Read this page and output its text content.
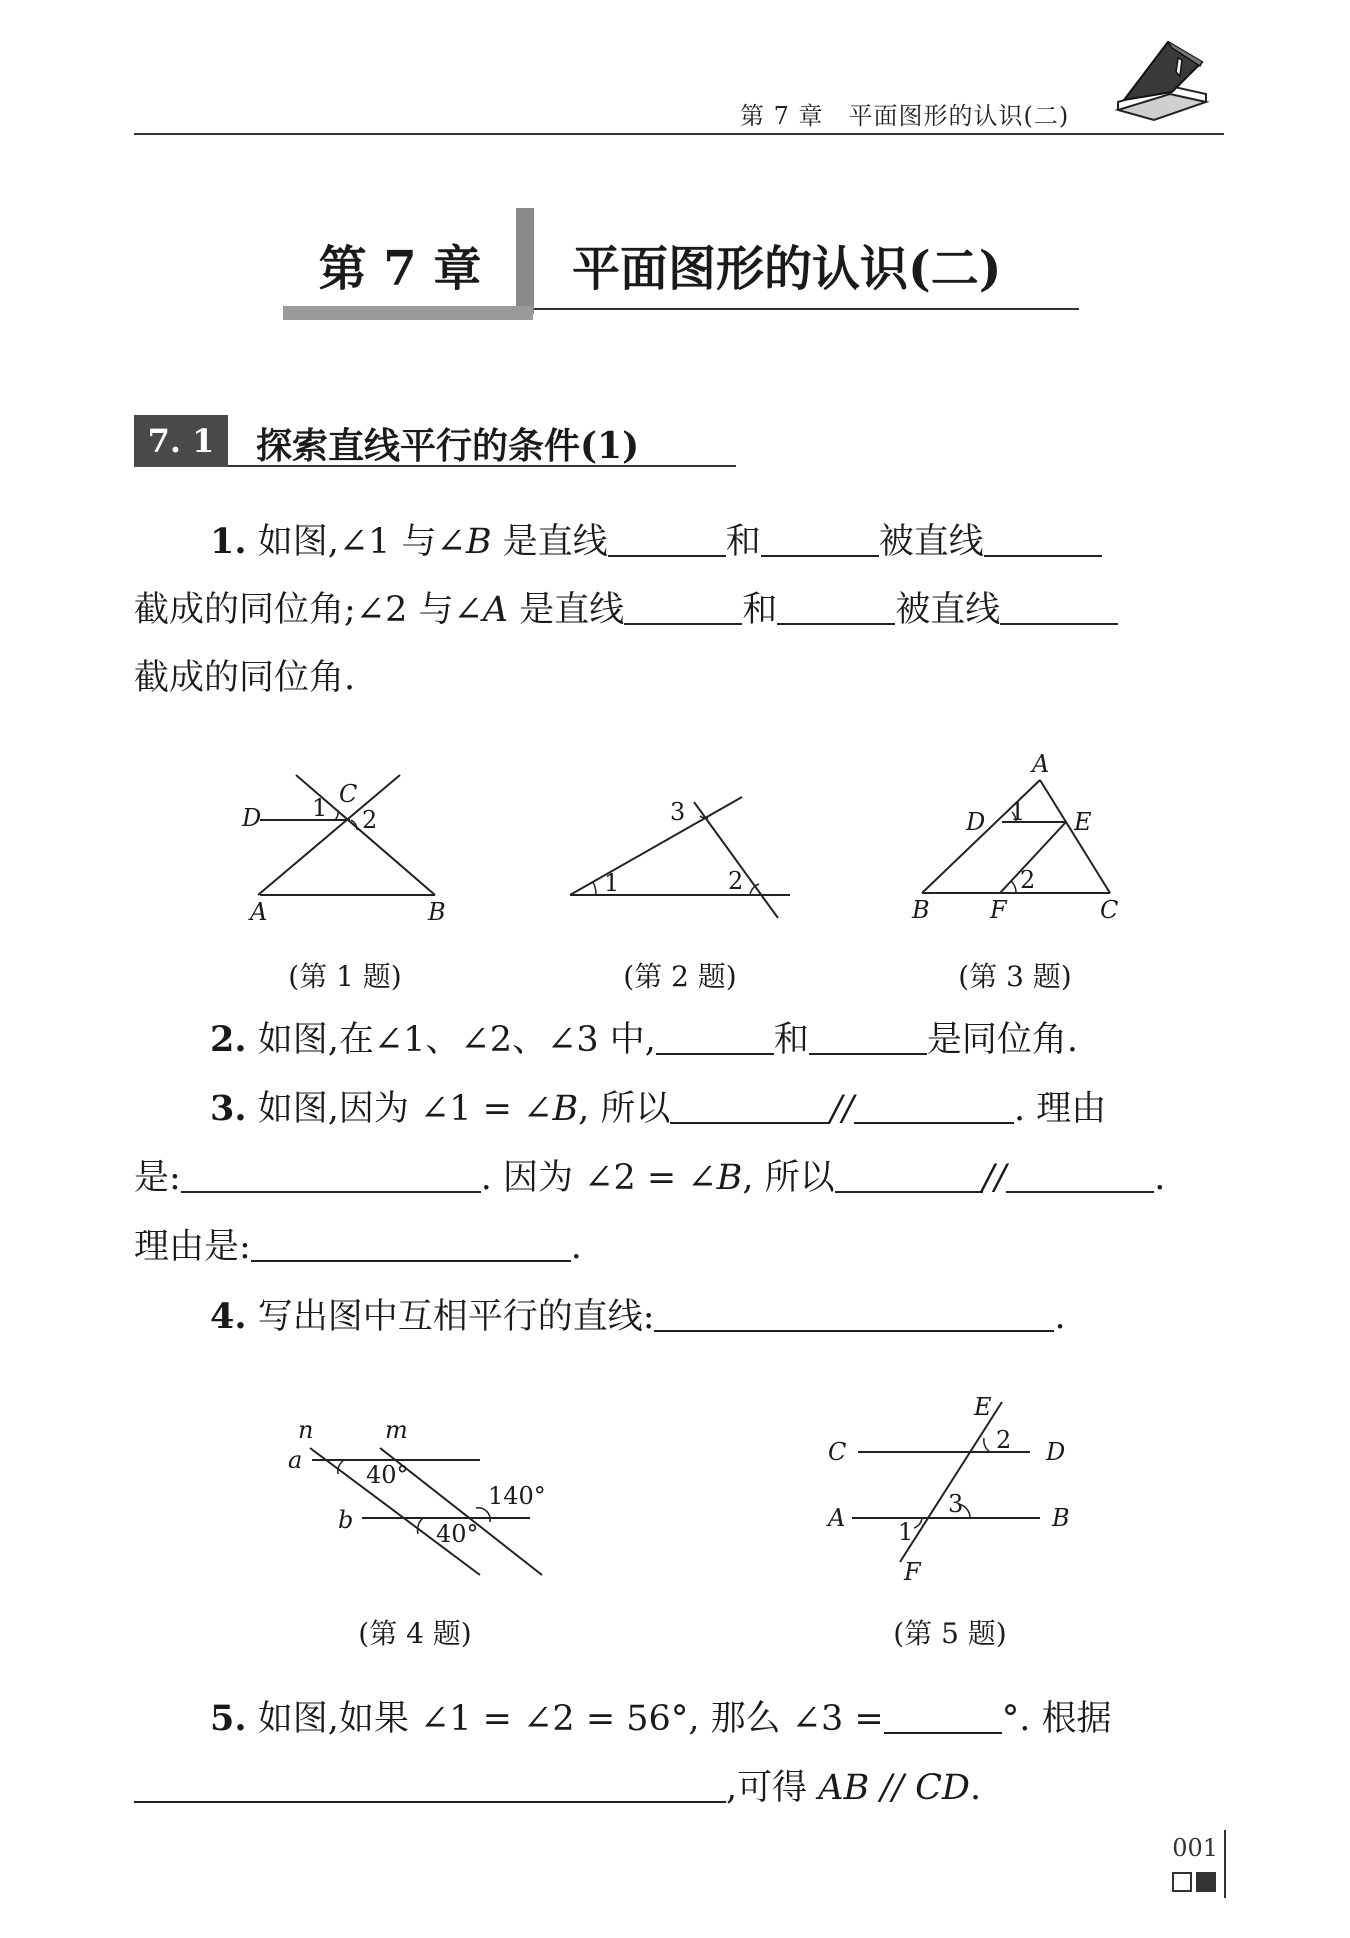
第 7 章　平面图形的认识(二)
第 7 章	平面图形的认识(二)
7. 1	探索直线平行的条件(1)
1. 如图,∠1 与∠B 是直线	和	被直线
截成的同位角;∠2 与∠A 是直线	和	被直线
截成的同位角.
D
C
1 2
A	B
(第 1 题)
1	2
3
(第 2 题)
A
D	E
1
2
B	F	C
(第 3 题)
2. 如图,在∠1、∠2、∠3 中,	和	是同位角.
3. 如图,因为 ∠1 = ∠B, 所以	//	. 理由
是:	. 因为 ∠2 = ∠B, 所以	//	.
理由是:	.
4. 写出图中互相平行的直线:	.
n	m
a
b
40°
40°
140°
(第 4 题)
E
C	D
A	B
F
2
3
1
(第 5 题)
5. 如图,如果 ∠1 = ∠2 = 56°, 那么 ∠3 =	°. 根据
,可得 AB // CD.
001
